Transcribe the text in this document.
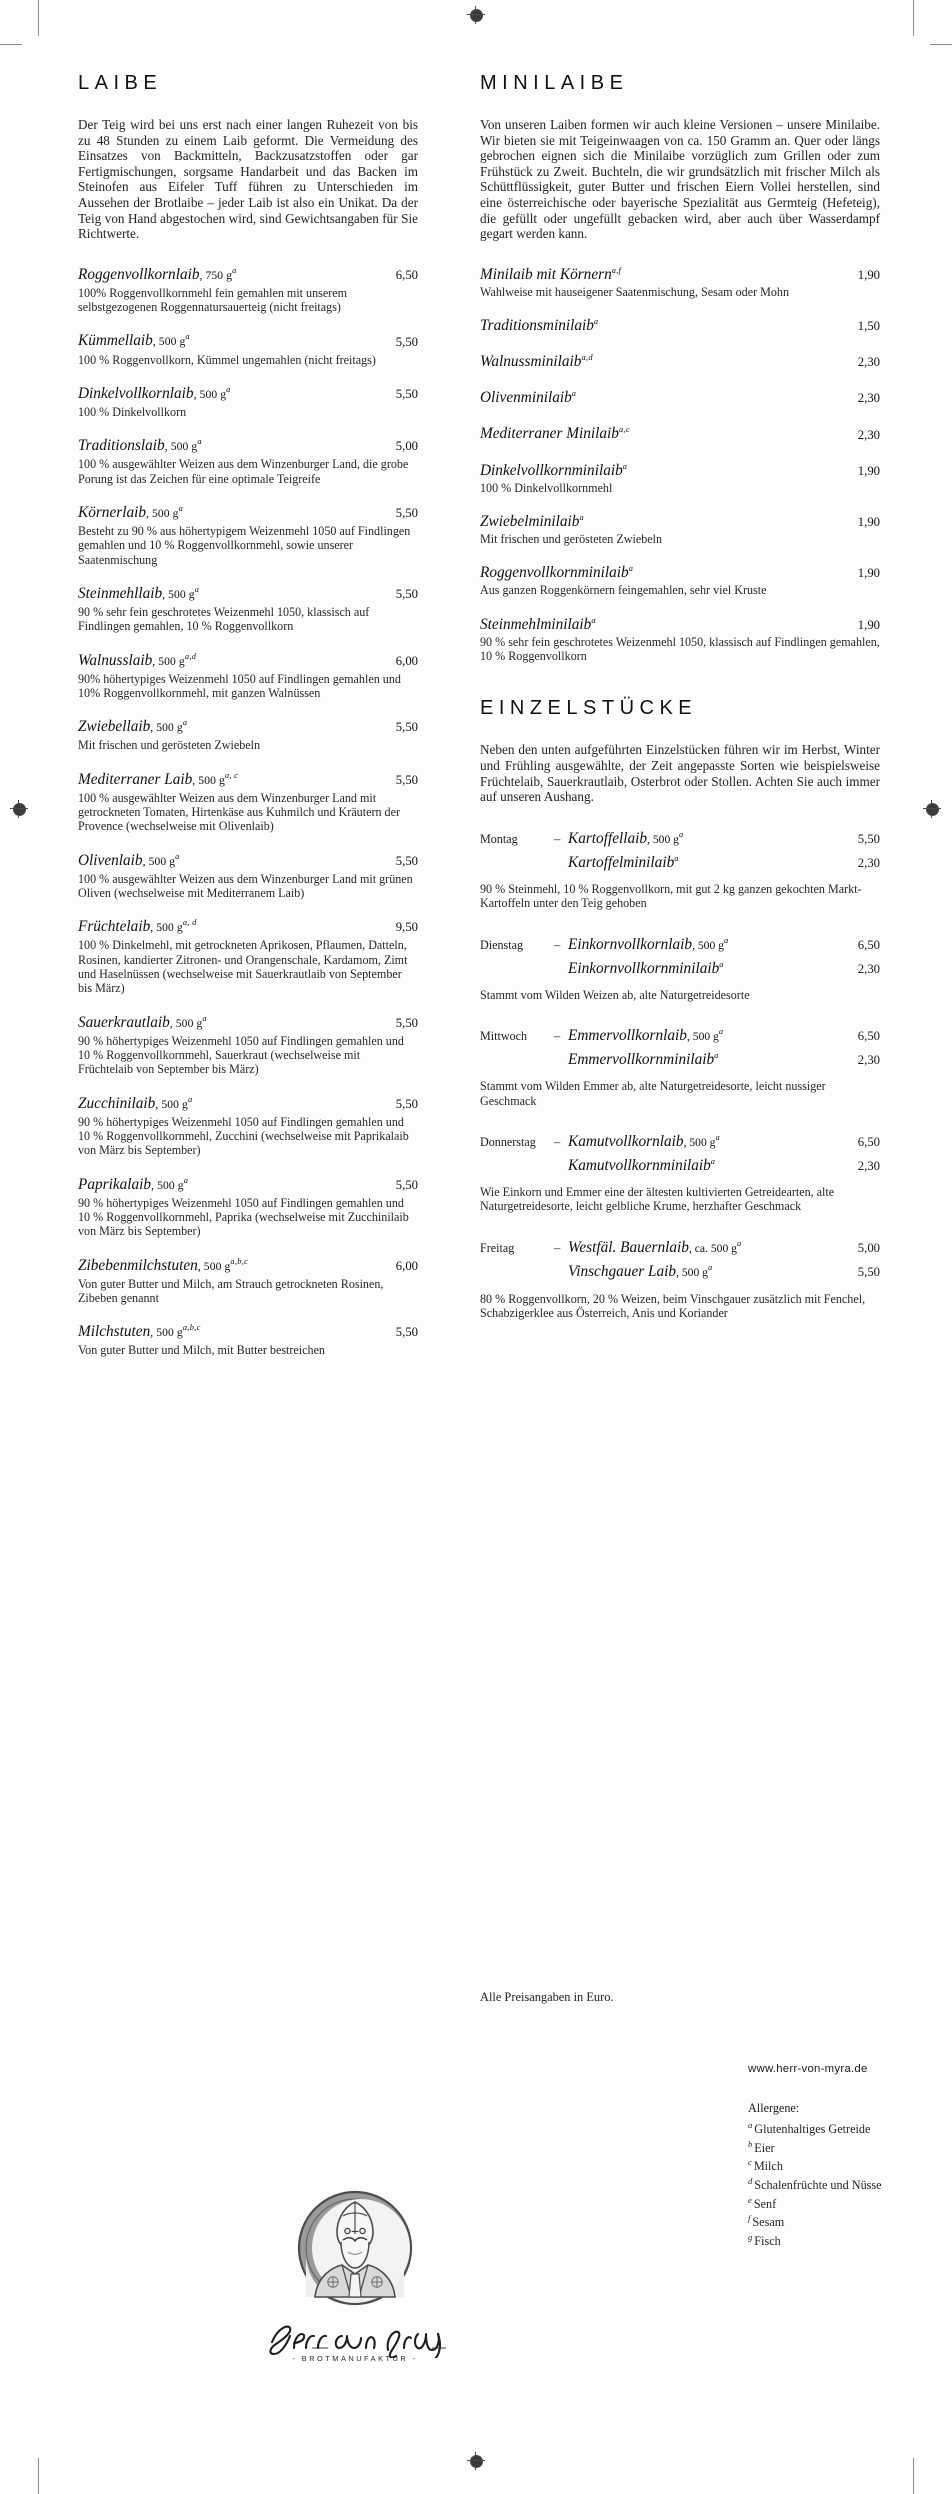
LAIBE

Der Teig wird bei uns erst nach einer langen Ruhezeit von bis zu 48 Stunden zu einem Laib geformt. Die Vermeidung des Einsatzes von Backmitteln, Backzusatzstoffen oder gar Fertigmischungen, sorgsame Handarbeit und das Backen im Steinofen aus Eifeler Tuff führen zu Unterschieden im Aussehen der Brotlaibe – jeder Laib ist also ein Unikat. Da der Teig von Hand abgestochen wird, sind Gewichtsangaben für Sie Richtwerte.

Roggenvollkornlaib, 750 $g^a$	6,50
100% Roggenvollkornmehl fein gemahlen mit unserem selbstgezogenen Roggennatursauerteig (nicht freitags)
Kümmellaib, 500 $g^a$	5,50
100 % Roggenvollkorn, Kümmel ungemahlen (nicht freitags)
Dinkelvollkornlaib, 500 $g^a$	5,50
100 % Dinkelvollkorn
Traditionslaib, 500 $g^a$	5,00
100 % ausgewählter Weizen aus dem Winzenburger Land, die grobe Porung ist das Zeichen für eine optimale Teigreife
Körnerlaib, 500 $g^a$	5,50
Besteht zu 90 % aus höhertypigem Weizenmehl 1050 auf Findlingen gemahlen und 10 % Roggenvollkornmehl, sowie unserer Saatenmischung
Steinmehllaib, 500 $g^a$	5,50
90 % sehr fein geschrotetes Weizenmehl 1050, klassisch auf Findlingen gemahlen, 10 % Roggenvollkorn
Walnusslaib, 500 $g^{a,d}$	6,00
90% höhertypiges Weizenmehl 1050 auf Findlingen gemahlen und 10% Roggenvollkornmehl, mit ganzen Walnüssen
Zwiebellaib, 500 $g^a$	5,50
Mit frischen und gerösteten Zwiebeln
Mediterraner Laib, 500 $g^{a, c}$	5,50
100 % ausgewählter Weizen aus dem Winzenburger Land mit getrockneten Tomaten, Hirtenkäse aus Kuhmilch und Kräutern der Provence (wechselweise mit Olivenlaib)
Olivenlaib, 500 $g^a$	5,50
100 % ausgewählter Weizen aus dem Winzenburger Land mit grünen Oliven (wechselweise mit Mediterranem Laib)
Früchtelaib, 500 $g^{a, d}$	9,50
100 % Dinkelmehl, mit getrockneten Aprikosen, Pflaumen, Datteln, Rosinen, kandierter Zitronen- und Orangenschale, Kardamom, Zimt und Haselnüssen (wechselweise mit Sauerkrautlaib von September bis März)
Sauerkrautlaib, 500 $g^a$	5,50
90 % höhertypiges Weizenmehl 1050 auf Findlingen gemahlen und 10 % Roggenvollkornmehl, Sauerkraut (wechselweise mit Früchtelaib von September bis März)
Zucchinilaib, 500 $g^a$	5,50
90 % höhertypiges Weizenmehl 1050 auf Findlingen gemahlen und 10 % Roggenvollkornmehl, Zucchini (wechselweise mit Paprikalaib von März bis September)
Paprikalaib, 500 $g^a$	5,50
90 % höhertypiges Weizenmehl 1050 auf Findlingen gemahlen und 10 % Roggenvollkornmehl, Paprika (wechselweise mit Zucchinilaib von März bis September)
Zibebenmilchstuten, 500 $g^{a,b,c}$	6,00
Von guter Butter und Milch, am Strauch getrockneten Rosinen, Zibeben genannt
Milchstuten, 500 $g^{a,b,c}$	5,50
Von guter Butter und Milch, mit Butter bestreichen
MINILAIBE

Von unseren Laiben formen wir auch kleine Versionen – unsere Minilaibe. Wir bieten sie mit Teigeinwaagen von ca. 150 Gramm an. Quer oder längs gebrochen eignen sich die Minilaibe vorzüglich zum Grillen oder zum Frühstück zu Zweit. Buchteln, die wir grundsätzlich mit frischer Milch als Schüttflüssigkeit, guter Butter und frischen Eiern Vollei herstellen, sind eine österreichische oder bayerische Spezialität aus Germteig (Hefeteig), die gefüllt oder ungefüllt gebacken wird, aber auch über Wasserdampf gegart werden kann.

Minilaib mit Körnern$^{a,f}$	1,90
Wahlweise mit hauseigener Saatenmischung, Sesam oder Mohn
Traditionsminilaib$^a$	1,50
Walnussminilaib$^{a,d}$	2,30
Olivenminilaib$^a$	2,30
Mediterraner Minilaib$^{a,c}$	2,30
Dinkelvollkornminilaib$^a$	1,90
100 % Dinkelvollkornmehl
Zwiebelminilaib$^a$	1,90
Mit frischen und gerösteten Zwiebeln
Roggenvollkornminilaib$^a$	1,90
Aus ganzen Roggenkörnern feingemahlen, sehr viel Kruste
Steinmehlminilaib$^a$	1,90
90 % sehr fein geschrotetes Weizenmehl 1050, klassisch auf Findlingen gemahlen, 10 % Roggenvollkorn
EINZELSTÜCKE

Neben den unten aufgeführten Einzelstücken führen wir im Herbst, Winter und Frühling ausgewählte, der Zeit angepasste Sorten wie beispielsweise Früchtelaib, Sauerkrautlaib, Osterbrot oder Stollen. Achten Sie auch immer auf unseren Aushang.

Montag	– Kartoffellaib, 500 $g^a$	5,50
Kartoffelminilaib$^a$	2,30
90 % Steinmehl, 10 % Roggenvollkorn, mit gut 2 kg ganzen gekochten Markt-Kartoffeln unter den Teig gehoben
Dienstag	– Einkornvollkornlaib, 500 $g^a$	6,50
Einkornvollkornminilaib$^a$	2,30
Stammt vom Wilden Weizen ab, alte Naturgetreidesorte
Mittwoch	– Emmervollkornlaib, 500 $g^a$	6,50
Emmervollkornminilaib$^a$	2,30
Stammt vom Wilden Emmer ab, alte Naturgetreidesorte, leicht nussiger Geschmack
Donnerstag	– Kamutvollkornlaib, 500 $g^a$	6,50
Kamutvollkornminilaib$^a$	2,30
Wie Einkorn und Emmer eine der ältesten kultivierten Getreidearten, alte Naturgetreidesorte, leicht gelbliche Krume, herzhafter Geschmack
Freitag	– Westfäl. Bauernlaib, ca. 500 $g^a$	5,00
Vinschgauer Laib, 500 $g^a$	5,50
80 % Roggenvollkorn, 20 % Weizen, beim Vinschgauer zusätzlich mit Fenchel, Schabzigerklee aus Österreich, Anis und Koriander
Alle Preisangaben in Euro.

www.herr-von-myra.de

Allergene:

$^a$ Glutenhaltiges Getreide
$^b$ Eier
$^c$ Milch
$^d$ Schalenfrüchte und Nüsse
$^e$ Senf
$^f$ Sesam
$^g$ Fisch
- BROTMANUFAKTUR -
